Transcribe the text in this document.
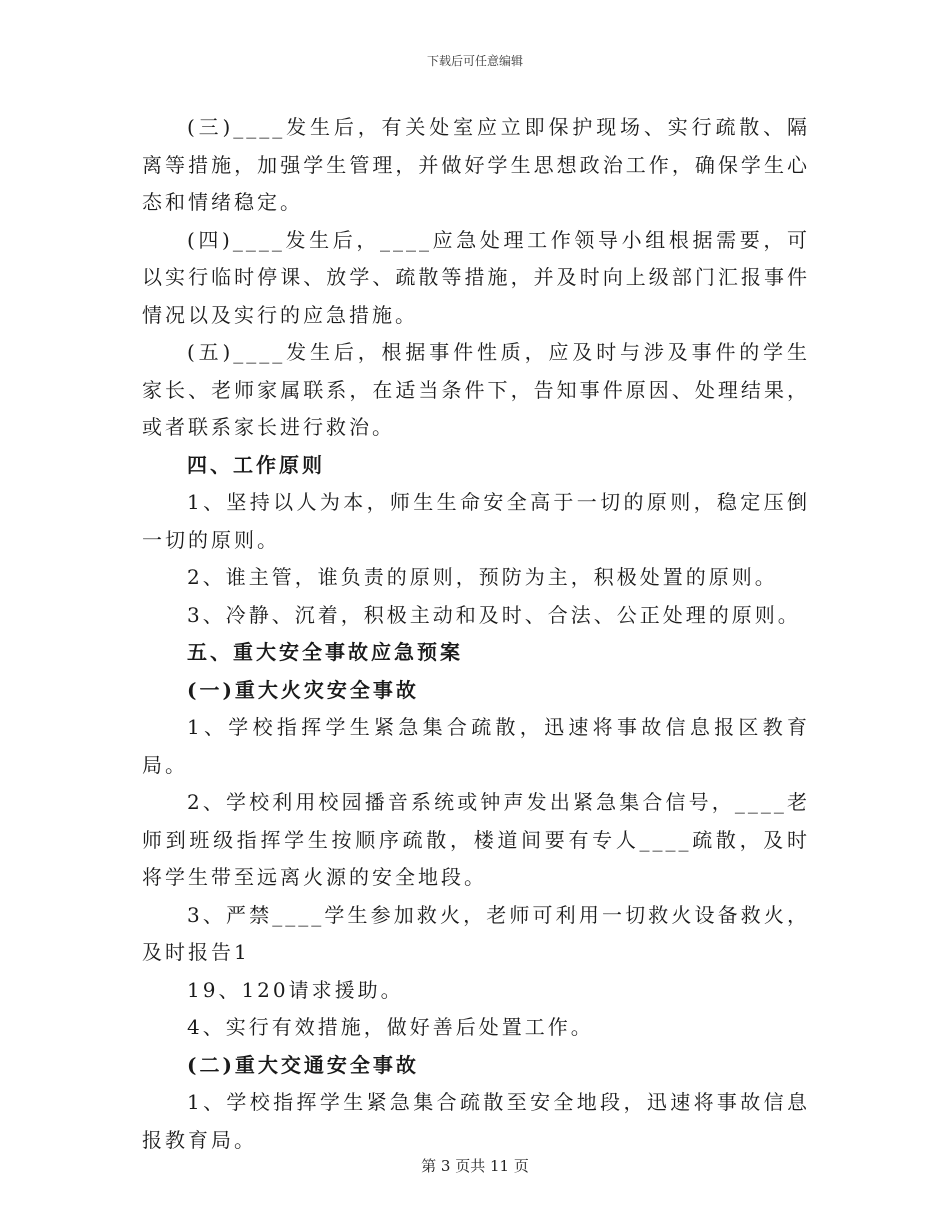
下载后可任意编辑

(三)____发生后，有关处室应立即保护现场、实行疏散、隔离等措施，加强学生管理，并做好学生思想政治工作，确保学生心态和情绪稳定。

(四)____发生后，____应急处理工作领导小组根据需要，可以实行临时停课、放学、疏散等措施，并及时向上级部门汇报事件情况以及实行的应急措施。

(五)____发生后，根据事件性质，应及时与涉及事件的学生家长、老师家属联系，在适当条件下，告知事件原因、处理结果，或者联系家长进行救治。

四、工作原则

1、坚持以人为本，师生生命安全高于一切的原则，稳定压倒一切的原则。

2、谁主管，谁负责的原则，预防为主，积极处置的原则。

3、冷静、沉着，积极主动和及时、合法、公正处理的原则。

五、重大安全事故应急预案

(一)重大火灾安全事故

1、学校指挥学生紧急集合疏散，迅速将事故信息报区教育局。

2、学校利用校园播音系统或钟声发出紧急集合信号，____老师到班级指挥学生按顺序疏散，楼道间要有专人____疏散，及时将学生带至远离火源的安全地段。

3、严禁____学生参加救火，老师可利用一切救火设备救火，及时报告1

19、120请求援助。

4、实行有效措施，做好善后处置工作。

(二)重大交通安全事故

1、学校指挥学生紧急集合疏散至安全地段，迅速将事故信息报教育局。

第 3 页共 11 页
